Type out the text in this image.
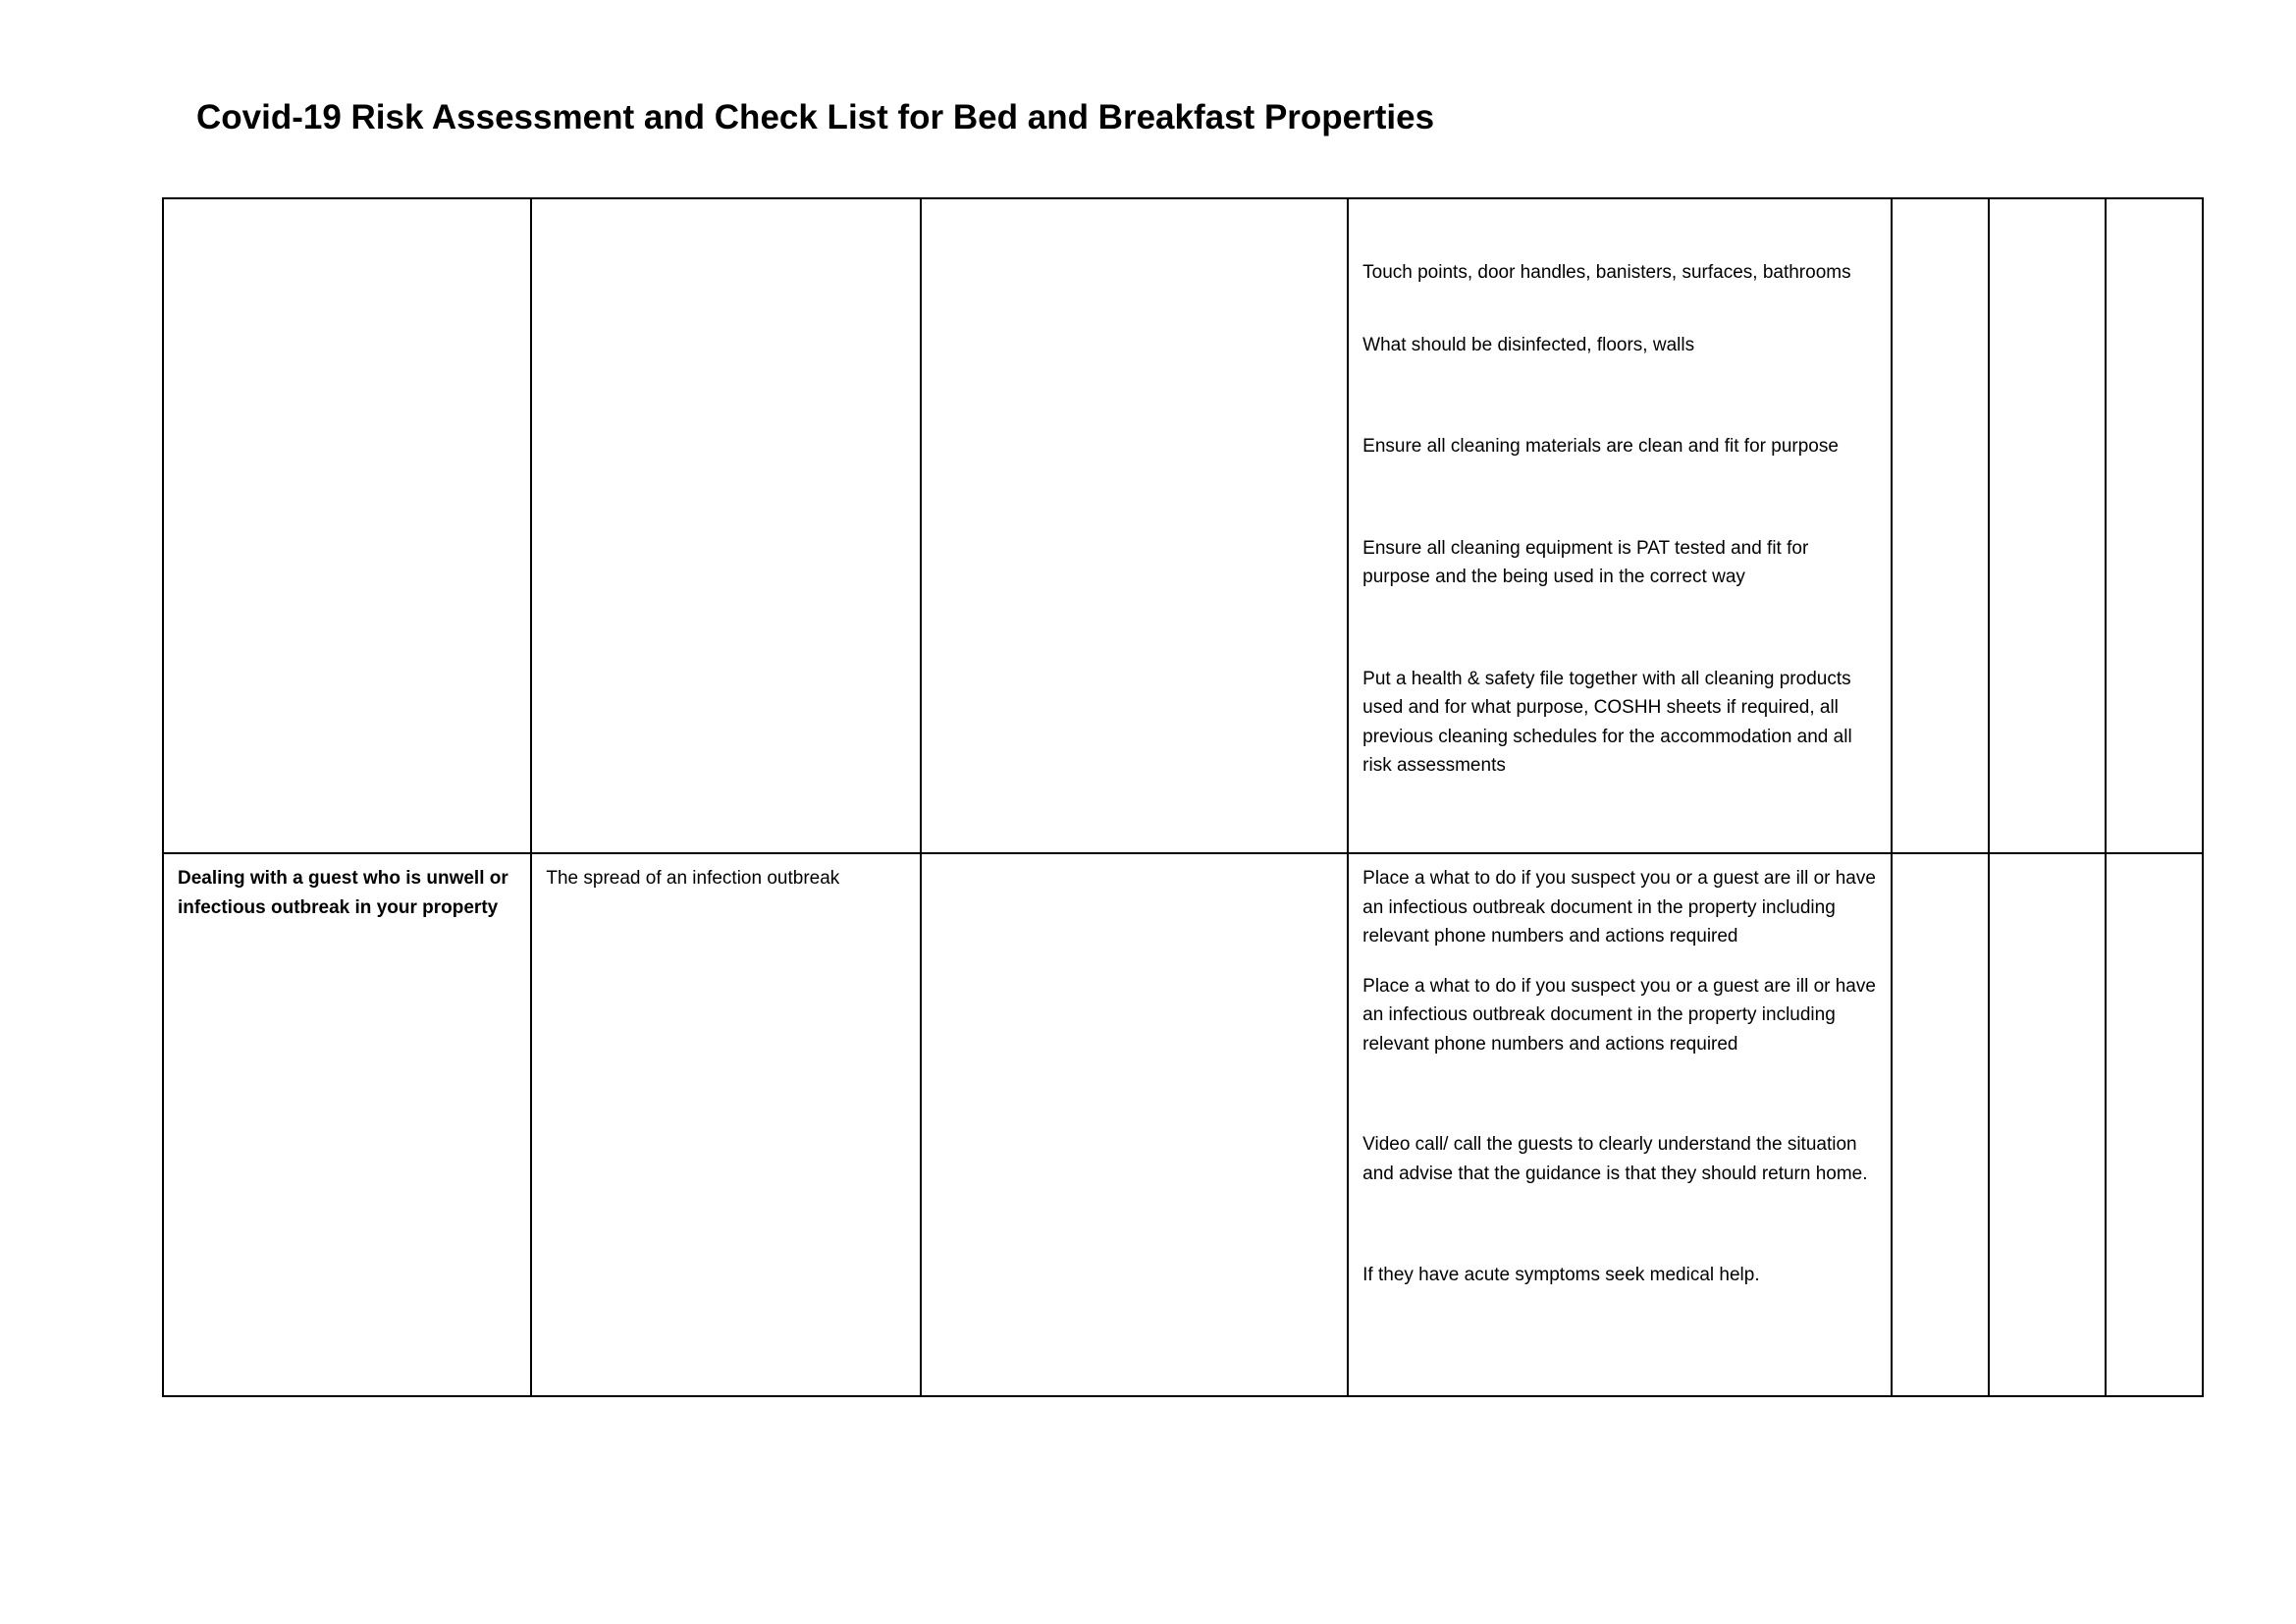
Covid-19 Risk Assessment and Check List for Bed and Breakfast Properties

			Touch points, door handles, banisters, surfaces, bathrooms

What should be disinfected, floors, walls

Ensure all cleaning materials are clean and fit for purpose

Ensure all cleaning equipment is PAT tested and fit for purpose and the being used in the correct way

Put a health & safety file together with all cleaning products used and for what purpose, COSHH sheets if required, all previous cleaning schedules for the accommodation and all risk assessments			

Dealing with a guest who is unwell or infectious outbreak in your property	The spread of an infection outbreak		Place a what to do if you suspect you or a guest are ill or have an infectious outbreak document in the property including relevant phone numbers and actions required

Place a what to do if you suspect you or a guest are ill or have an infectious outbreak document in the property including relevant phone numbers and actions required

Video call/ call the guests to clearly understand the situation and advise that the guidance is that they should return home.

If they have acute symptoms seek medical help.			
